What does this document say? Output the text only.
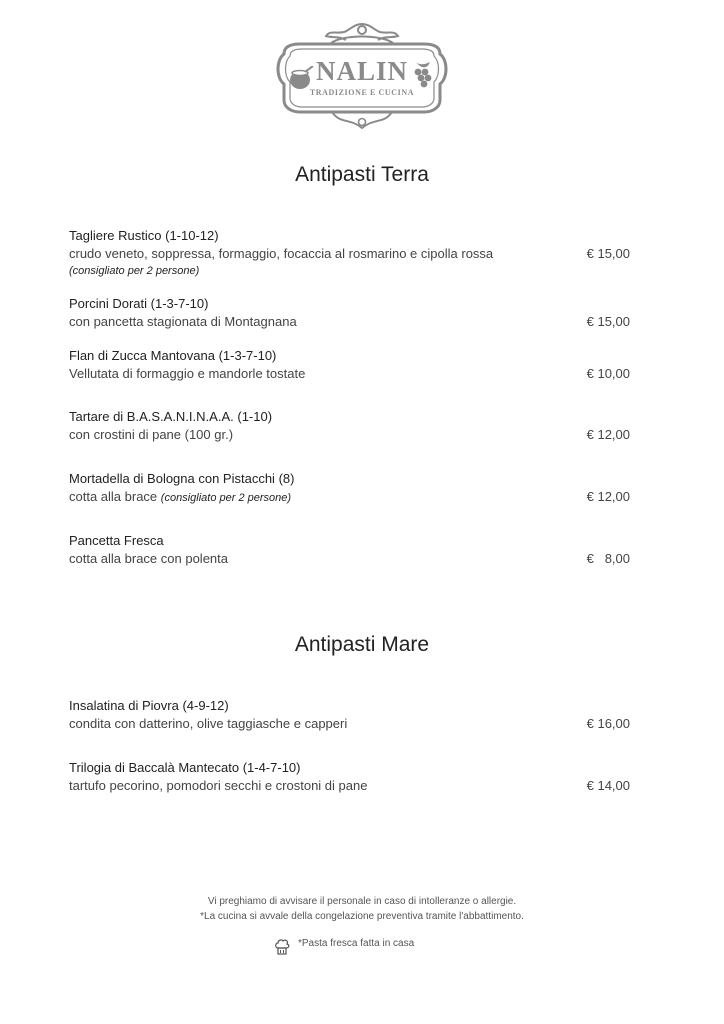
NALIN
TRADIZIONE E CUCINA
Antipasti Terra
Tagliere Rustico (1-10-12)
crudo veneto, soppressa, formaggio, focaccia al rosmarino e cipolla rossa
(consigliato per 2 persone)
€ 15,00
Porcini Dorati (1-3-7-10)
con pancetta stagionata di Montagnana	€ 15,00
Flan di Zucca Mantovana (1-3-7-10)
Vellutata di formaggio e mandorle tostate	€ 10,00
Tartare di B.A.S.A.N.I.N.A.A. (1-10)
con crostini di pane (100 gr.)	€ 12,00
Mortadella di Bologna con Pistacchi (8)
cotta alla brace (consigliato per 2 persone)	€ 12,00
Pancetta Fresca
cotta alla brace con polenta	€   8,00
Antipasti Mare
Insalatina di Piovra (4-9-12)
condita con datterino, olive taggiasche e capperi	€ 16,00
Trilogia di Baccalà Mantecato (1-4-7-10)
tartufo pecorino, pomodori secchi e crostoni di pane	€ 14,00
Vi preghiamo di avvisare il personale in caso di intolleranze o allergie.
*La cucina si avvale della congelazione preventiva tramite l'abbattimento.
*Pasta fresca fatta in casa
